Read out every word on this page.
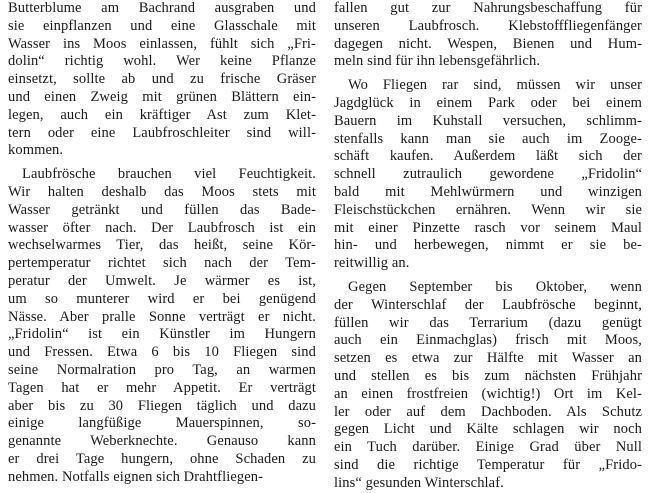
Butterblume am Bachrand ausgraben und
sie einpflanzen und eine Glasschale mit
Wasser ins Moos einlassen, fühlt sich „Fri-
dolin“ richtig wohl. Wer keine Pflanze
einsetzt, sollte ab und zu frische Gräser
und einen Zweig mit grünen Blättern ein-
legen, auch ein kräftiger Ast zum Klet-
tern oder eine Laubfroschleiter sind will-
kommen.
Laubfrösche brauchen viel Feuchtigkeit.
Wir halten deshalb das Moos stets mit
Wasser getränkt und füllen das Bade-
wasser öfter nach. Der Laubfrosch ist ein
wechselwarmes Tier, das heißt, seine Kör-
pertemperatur richtet sich nach der Tem-
peratur der Umwelt. Je wärmer es ist,
um so munterer wird er bei genügend
Nässe. Aber pralle Sonne verträgt er nicht.
„Fridolin“ ist ein Künstler im Hungern
und Fressen. Etwa 6 bis 10 Fliegen sind
seine Normalration pro Tag, an warmen
Tagen hat er mehr Appetit. Er verträgt
aber bis zu 30 Fliegen täglich und dazu
einige langfüßige Mauerspinnen, so-
genannte Weberknechte. Genauso kann
er drei Tage hungern, ohne Schaden zu
nehmen. Notfalls eignen sich Drahtfliegen-
fallen gut zur Nahrungsbeschaffung für
unseren Laubfrosch. Klebstofffliegenfänger
dagegen nicht. Wespen, Bienen und Hum-
meln sind für ihn lebensgefährlich.
Wo Fliegen rar sind, müssen wir unser
Jagdglück in einem Park oder bei einem
Bauern im Kuhstall versuchen, schlimm-
stenfalls kann man sie auch im Zooge-
schäft kaufen. Außerdem läßt sich der
schnell zutraulich gewordene „Fridolin“
bald mit Mehlwürmern und winzigen
Fleischstückchen ernähren. Wenn wir sie
mit einer Pinzette rasch vor seinem Maul
hin- und herbewegen, nimmt er sie be-
reitwillig an.
Gegen September bis Oktober, wenn
der Winterschlaf der Laubfrösche beginnt,
füllen wir das Terrarium (dazu genügt
auch ein Einmachglas) frisch mit Moos,
setzen es etwa zur Hälfte mit Wasser an
und stellen es bis zum nächsten Frühjahr
an einen frostfreien (wichtig!) Ort im Kel-
ler oder auf dem Dachboden. Als Schutz
gegen Licht und Kälte schlagen wir noch
ein Tuch darüber. Einige Grad über Null
sind die richtige Temperatur für „Frido-
lins“ gesunden Winterschlaf.
